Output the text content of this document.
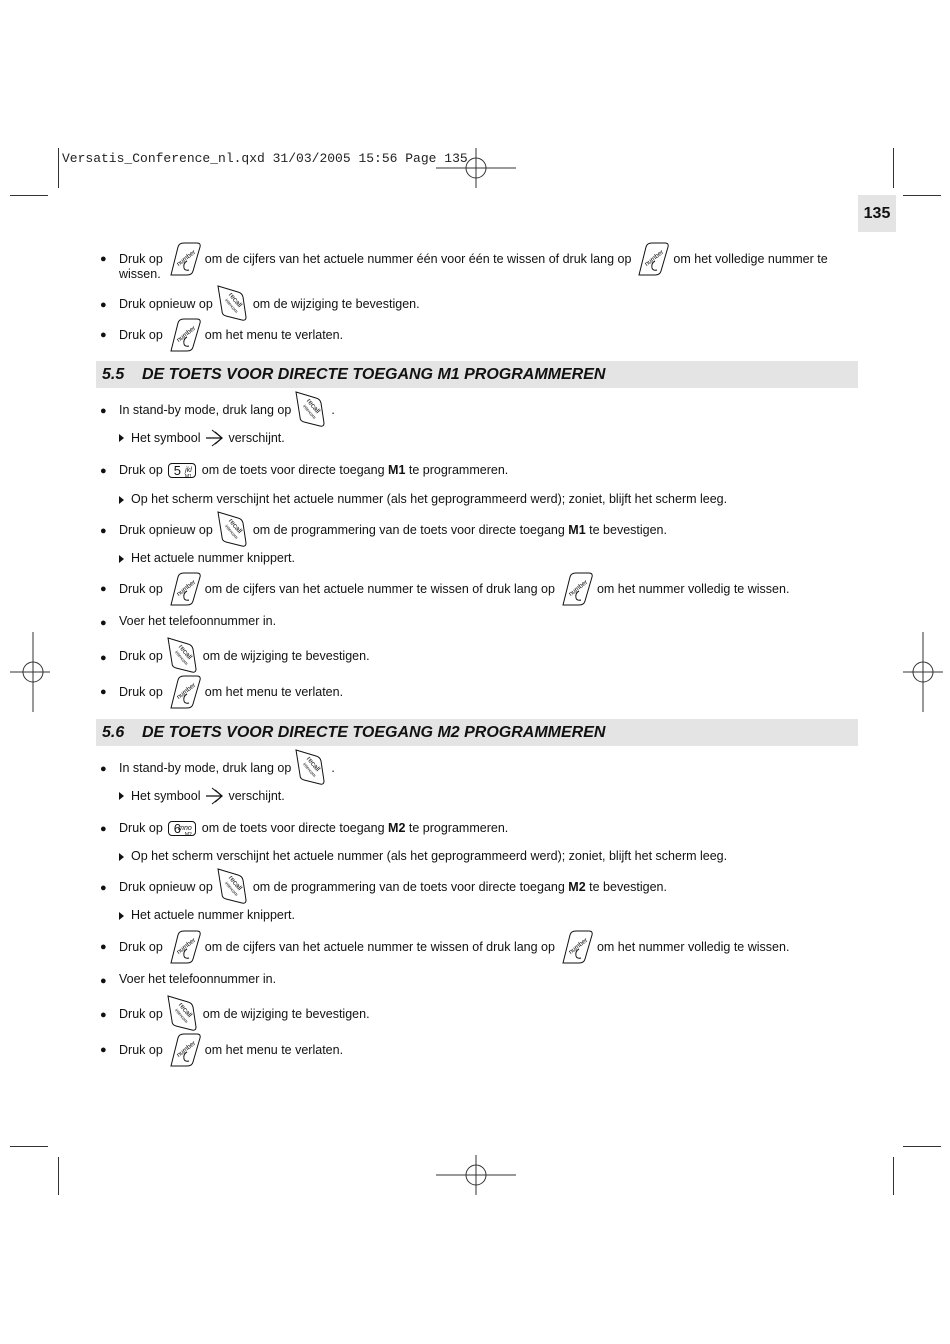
Versatis_Conference_nl.qxd 31/03/2005 15:56 Page 135
135
● Druk op	om de cijfers van het actuele nummer één voor één te wissen of druk lang op	om het volledige nummer te
wissen.
● Druk opnieuw op	om de wijziging te bevestigen.
● Druk op	om het menu te verlaten.
5.5 DE TOETS VOOR DIRECTE TOEGANG M1 PROGRAMMEREN
● In stand-by mode, druk lang op	.
Het symbool verschijnt.
● Druk op 5 jkl
M1 om de toets voor directe toegang
M1
te programmeren.
Op het scherm verschijnt het actuele nummer (als het geprogrammeerd werd); zoniet, blijft het scherm leeg.
● Druk opnieuw op	om de programmering van de toets voor directe toegang
M1
te bevestigen.
Het actuele nummer knippert.
● Druk op	om de cijfers van het actuele nummer te wissen of druk lang op	om het nummer volledig te wissen.
● Voer het telefoonnummer in.
● Druk op	om de wijziging te bevestigen.
● Druk op	om het menu te verlaten.
5.6 DE TOETS VOOR DIRECTE TOEGANG M2 PROGRAMMEREN
● In stand-by mode, druk lang op	.
Het symbool verschijnt.
● Druk op 6
mno
M2 om de toets voor directe toegang
M2
te programmeren.
Op het scherm verschijnt het actuele nummer (als het geprogrammeerd werd); zoniet, blijft het scherm leeg.
● Druk opnieuw op	om de programmering van de toets voor directe toegang
M2
te bevestigen.
Het actuele nummer knippert.
● Druk op	om de cijfers van het actuele nummer te wissen of druk lang op	om het nummer volledig te wissen.
● Voer het telefoonnummer in.
● Druk op	om de wijziging te bevestigen.
● Druk op	om het menu te verlaten.
